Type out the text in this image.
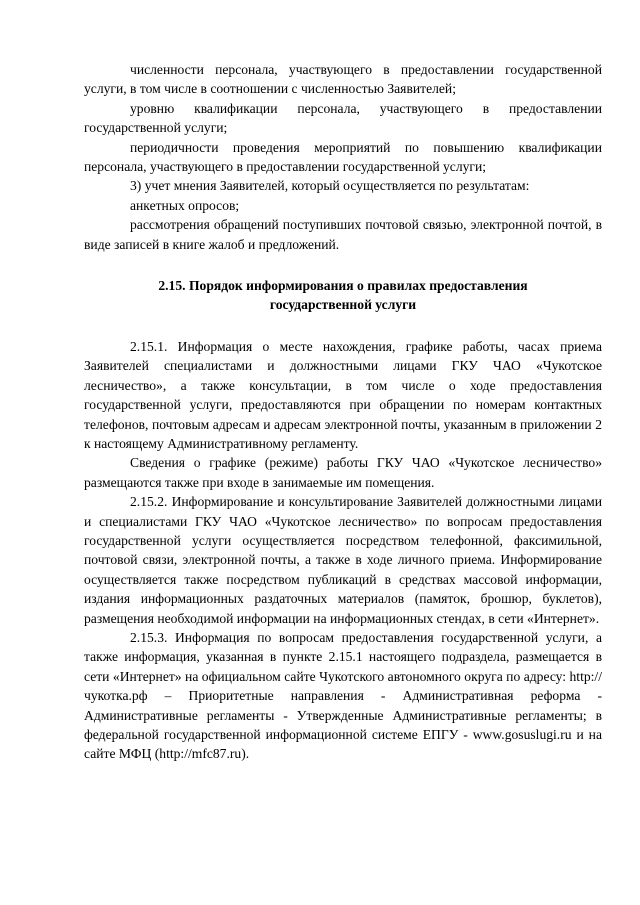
численности персонала, участвующего в предоставлении государственной услуги, в том числе в соотношении с численностью Заявителей;

уровню квалификации персонала, участвующего в предоставлении государственной услуги;

периодичности проведения мероприятий по повышению квалификации персонала, участвующего в предоставлении государственной услуги;

3) учет мнения Заявителей, который осуществляется по результатам:

анкетных опросов;

рассмотрения обращений поступивших почтовой связью, электронной почтой, в виде записей в книге жалоб и предложений.

2.15. Порядок информирования о правилах предоставления
государственной услуги

2.15.1. Информация о месте нахождения, графике работы, часах приема Заявителей специалистами и должностными лицами ГКУ ЧАО «Чукотское лесничество», а также консультации, в том числе о ходе предоставления государственной услуги, предоставляются при обращении по номерам контактных телефонов, почтовым адресам и адресам электронной почты, указанным в приложении 2 к настоящему Административному регламенту.

Сведения о графике (режиме) работы ГКУ ЧАО «Чукотское лесничество» размещаются также при входе в занимаемые им помещения.

2.15.2. Информирование и консультирование Заявителей должностными лицами и специалистами ГКУ ЧАО «Чукотское лесничество» по вопросам предоставления государственной услуги осуществляется посредством телефонной, факсимильной, почтовой связи, электронной почты, а также в ходе личного приема. Информирование осуществляется также посредством публикаций в средствах массовой информации, издания информационных раздаточных материалов (памяток, брошюр, буклетов), размещения необходимой информации на информационных стендах, в сети «Интернет».

2.15.3. Информация по вопросам предоставления государственной услуги, а также информация, указанная в пункте 2.15.1 настоящего подраздела, размещается в сети «Интернет» на официальном сайте Чукотского автономного округа по адресу: http://чукотка.рф – Приоритетные направления - Административная реформа - Административные регламенты - Утвержденные Административные регламенты; в федеральной государственной информационной системе ЕПГУ - www.gosuslugi.ru и на сайте МФЦ (http://mfc87.ru).
